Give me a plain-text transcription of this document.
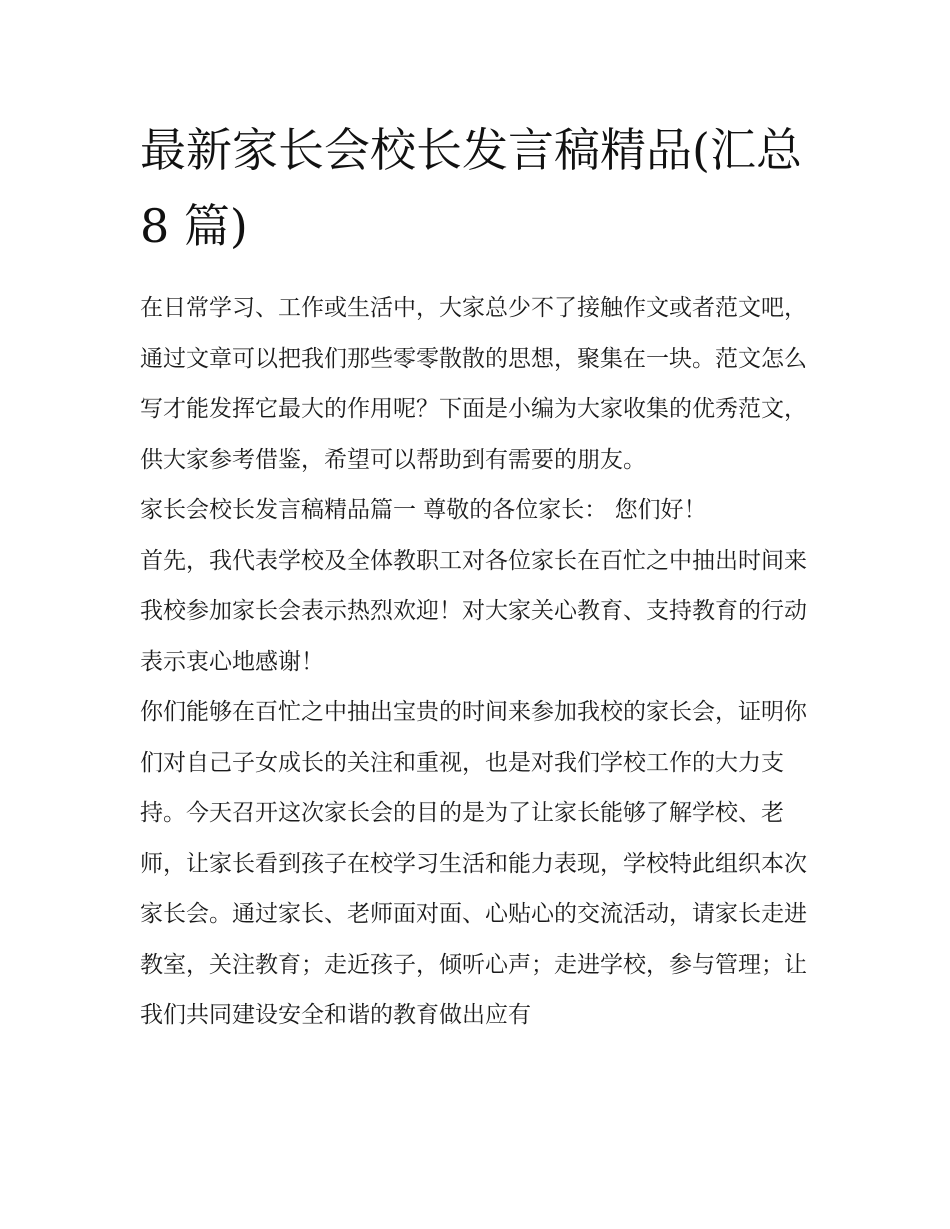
最新家长会校长发言稿精品(汇总 8 篇)

在日常学习、工作或生活中，大家总少不了接触作文或者范文吧，通过文章可以把我们那些零零散散的思想，聚集在一块。范文怎么写才能发挥它最大的作用呢？下面是小编为大家收集的优秀范文，供大家参考借鉴，希望可以帮助到有需要的朋友。

家长会校长发言稿精品篇一 尊敬的各位家长： 您们好！

首先，我代表学校及全体教职工对各位家长在百忙之中抽出时间来我校参加家长会表示热烈欢迎！对大家关心教育、支持教育的行动表示衷心地感谢！

你们能够在百忙之中抽出宝贵的时间来参加我校的家长会，证明你们对自己子女成长的关注和重视，也是对我们学校工作的大力支持。今天召开这次家长会的目的是为了让家长能够了解学校、老师，让家长看到孩子在校学习生活和能力表现，学校特此组织本次家长会。通过家长、老师面对面、心贴心的交流活动，请家长走进教室，关注教育；走近孩子，倾听心声；走进学校，参与管理；让我们共同建设安全和谐的教育做出应有
